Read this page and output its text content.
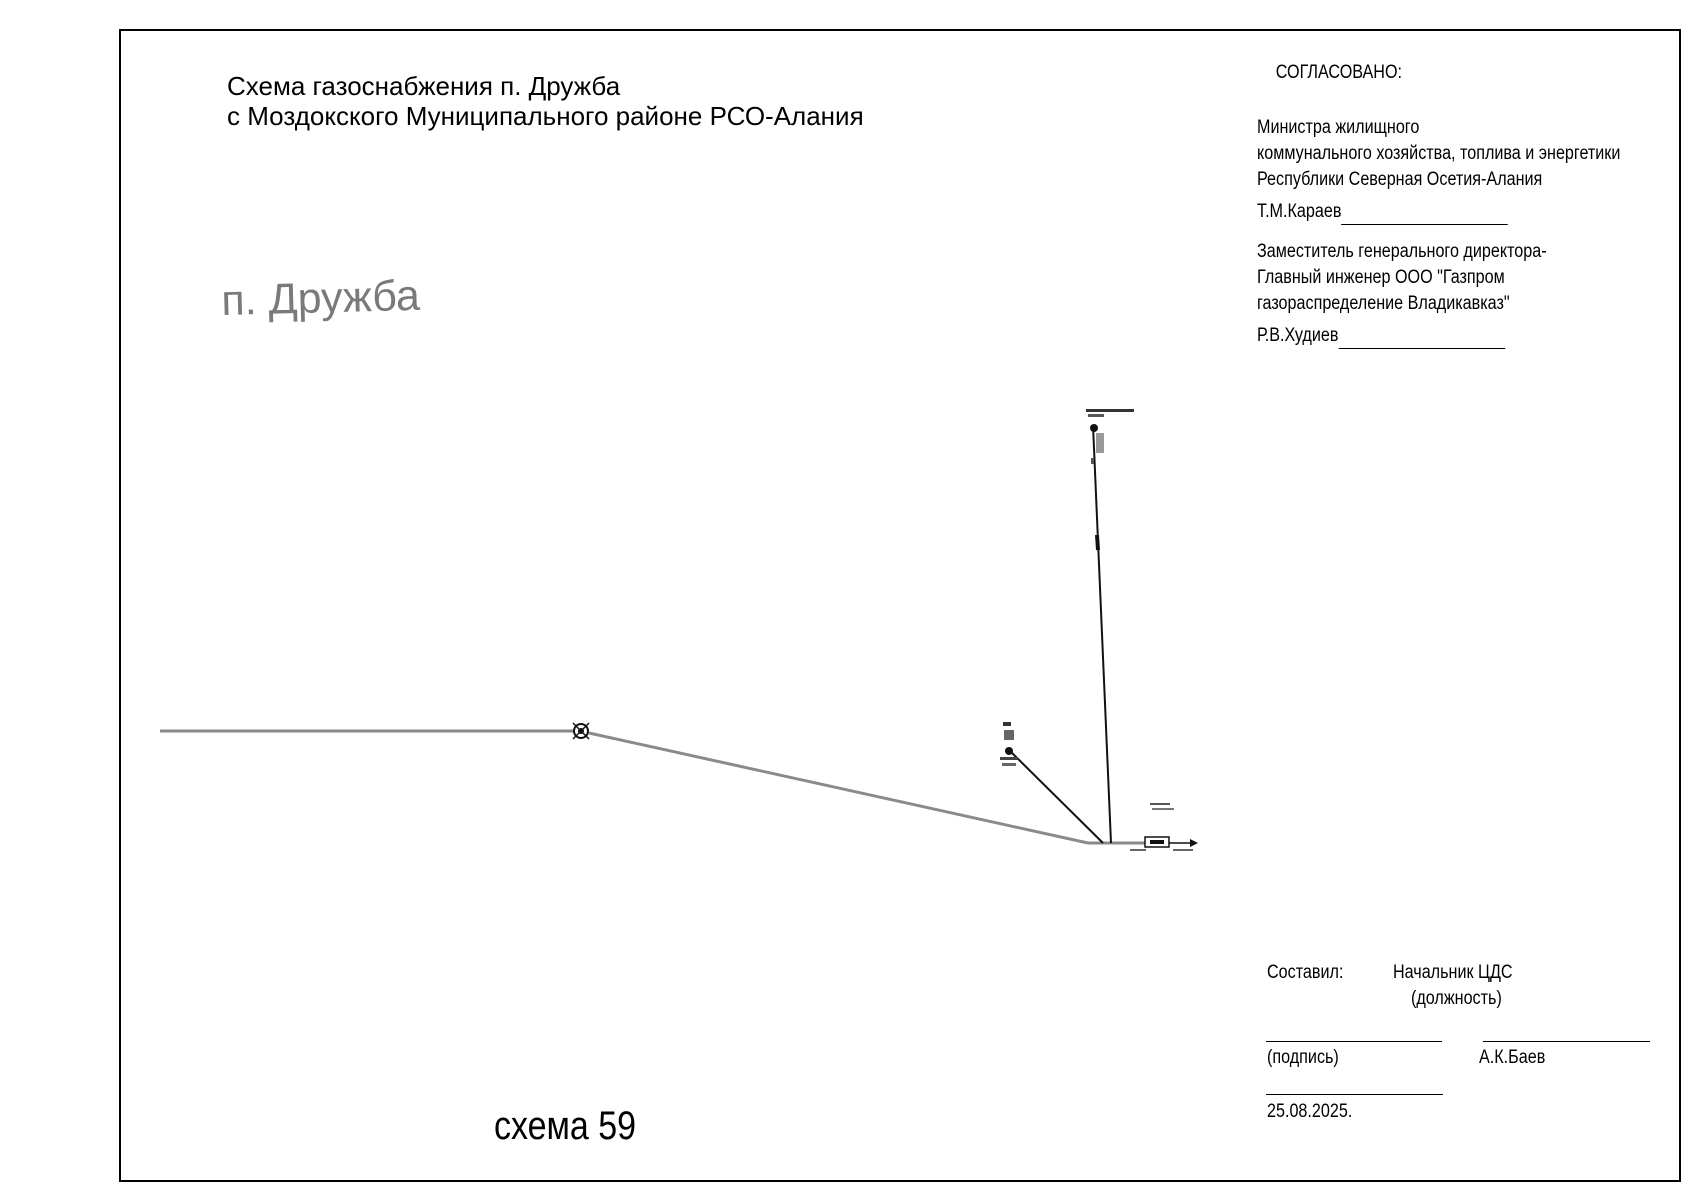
Схема газоснабжения п. Дружба
с Моздокского Муниципального районе РСО-Алания
п. Дружба
СОГЛАСОВАНО:
Министра жилищного
коммунального хозяйства, топлива и энергетики
Республики Северная Осетия-Алания
Т.М.Караев
Заместитель генерального директора-
Главный инженер ООО "Газпром
газораспределение Владикавказ"
Р.В.Худиев
Составил:	Начальник ЦДС
(должность)
(подпись)	А.К.Баев
25.08.2025.
схема 59
